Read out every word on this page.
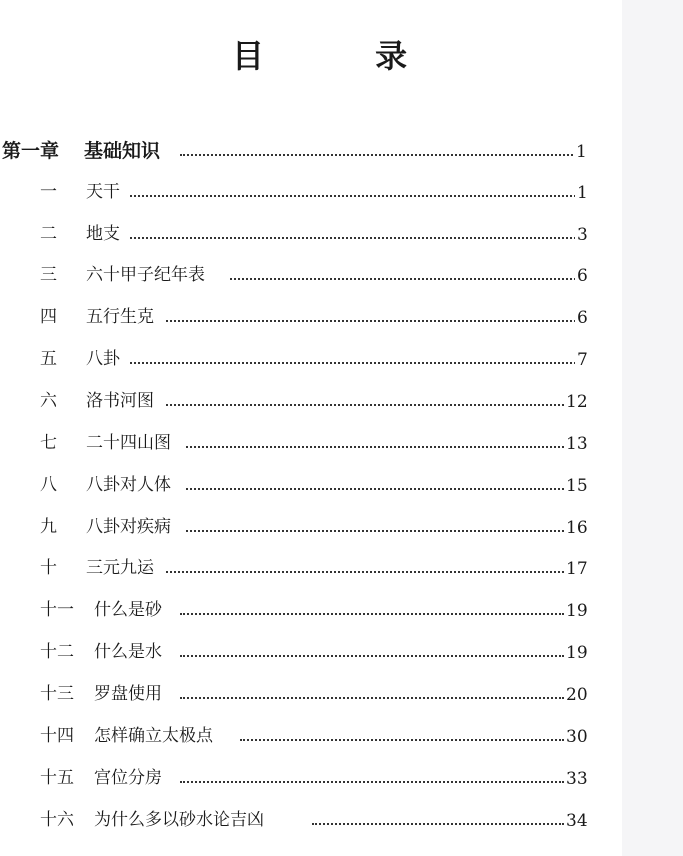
目 录
第一章 基础知识	1
一 天干	1
二 地支	3
三 六十甲子纪年表	6
四 五行生克	6
五 八卦	7
六 洛书河图	12
七 二十四山图	13
八 八卦对人体	15
九 八卦对疾病	16
十 三元九运	17
十一 什么是砂	19
十二 什么是水	19
十三 罗盘使用	20
十四 怎样确立太极点	30
十五 宫位分房	33
十六 为什么多以砂水论吉凶	34
